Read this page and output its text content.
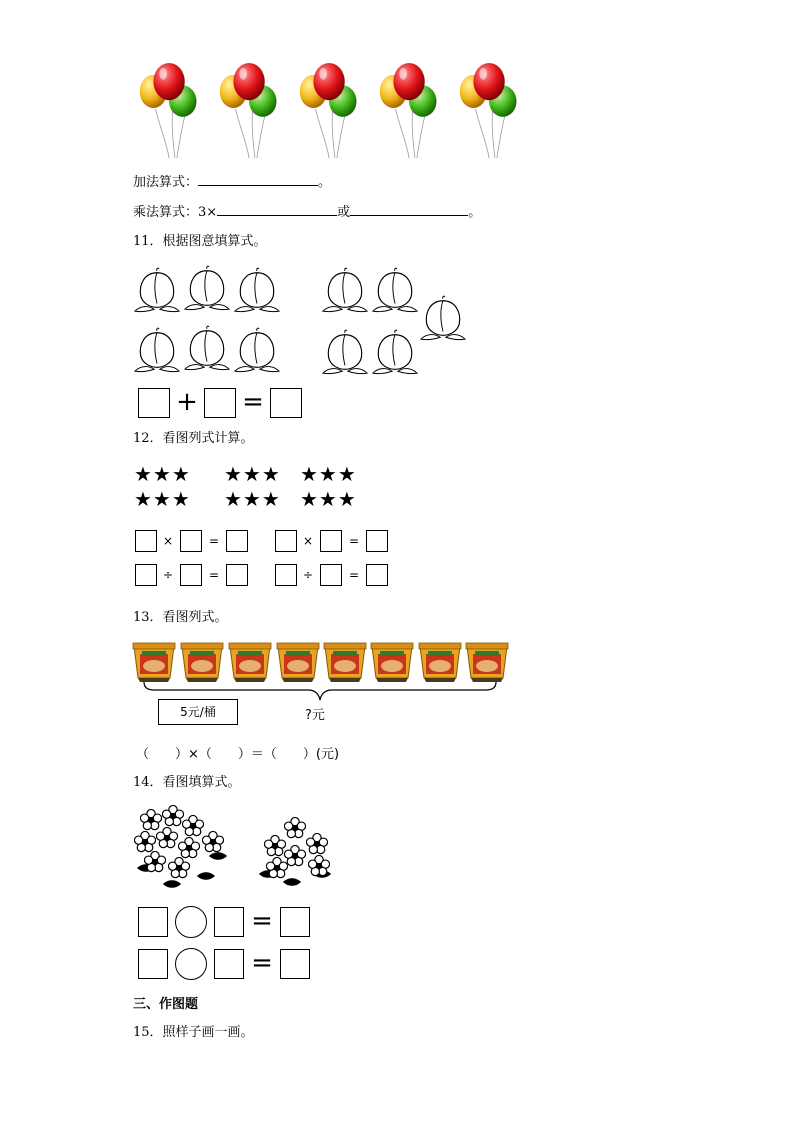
加法算式：	。
乘法算式：3×	或	。
11．根据图意填算式。
+ =
12．看图列式计算。
★★★ ★★★ ★★★
★★★ ★★★ ★★★
×	=	×	=
÷	=	÷	=
13．看图列式。
5元/桶	?元
（　　）×（　　）＝（　　）(元)
14．看图填算式。
=
=
三、作图题
15．照样子画一画。
